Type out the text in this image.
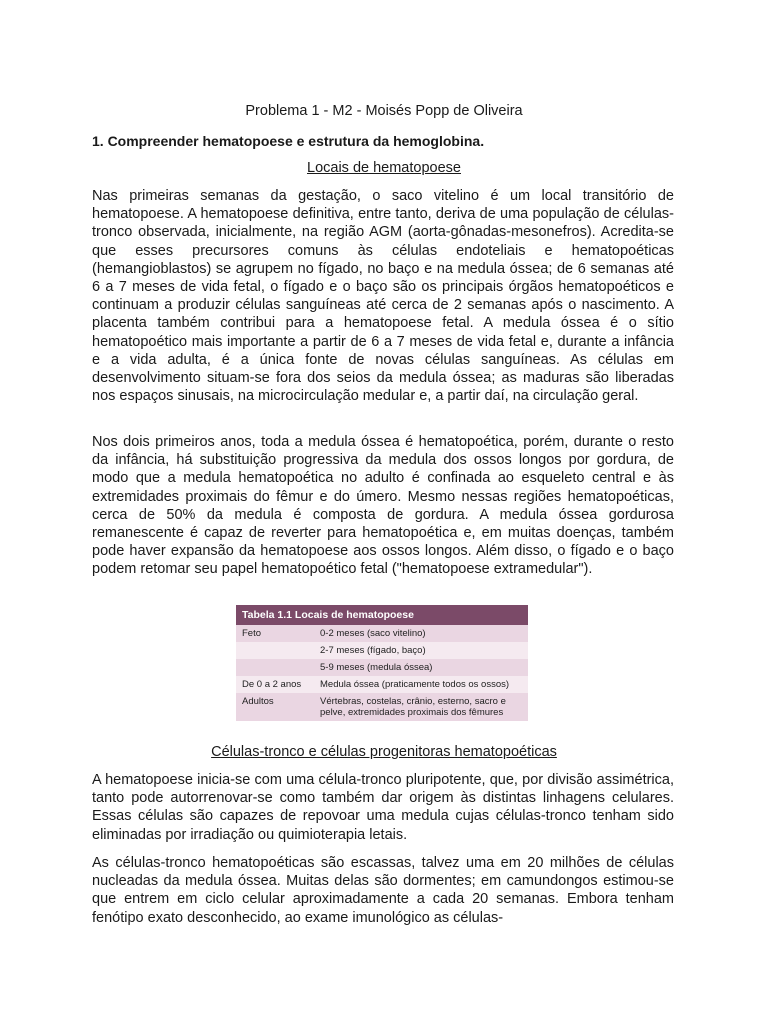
Problema 1 - M2 - Moisés Popp de Oliveira
1. Compreender hematopoese e estrutura da hemoglobina.
Locais de hematopoese

Nas primeiras semanas da gestação, o saco vitelino é um local transitório de hematopoese. A hematopoese definitiva, entre tanto, deriva de uma população de células-tronco observada, inicialmente, na região AGM (aorta-gônadas-mesonefros). Acredita-se que esses precursores comuns às células endoteliais e hematopoéticas (hemangioblastos) se agrupem no fígado, no baço e na medula óssea; de 6 semanas até 6 a 7 meses de vida fetal, o fígado e o baço são os principais órgãos hematopoéticos e continuam a produzir células sanguíneas até cerca de 2 semanas após o nascimento. A placenta também contribui para a hematopoese fetal. A medula óssea é o sítio hematopoético mais importante a partir de 6 a 7 meses de vida fetal e, durante a infância e a vida adulta, é a única fonte de novas células sanguíneas. As células em desenvolvimento situam-se fora dos seios da medula óssea; as maduras são liberadas nos espaços sinusais, na microcirculação medular e, a partir daí, na circulação geral.

Nos dois primeiros anos, toda a medula óssea é hematopoética, porém, durante o resto da infância, há substituição progressiva da medula dos ossos longos por gordura, de modo que a medula hematopoética no adulto é confinada ao esqueleto central e às extremidades proximais do fêmur e do úmero. Mesmo nessas regiões hematopoéticas, cerca de 50% da medula é composta de gordura. A medula óssea gordurosa remanescente é capaz de reverter para hematopoética e, em muitas doenças, também pode haver expansão da hematopoese aos ossos longos. Além disso, o fígado e o baço podem retomar seu papel hematopoético fetal ("hematopoese extramedular").

Tabela 1.1 Locais de hematopoese	
Feto	0-2 meses (saco vitelino)
	2-7 meses (fígado, baço)
	5-9 meses (medula óssea)
De 0 a 2 anos	Medula óssea (praticamente todos os ossos)
Adultos	Vértebras, costelas, crânio, esterno, sacro e pelve, extremidades proximais dos fêmures
Células-tronco e células progenitoras hematopoéticas

A hematopoese inicia-se com uma célula-tronco pluripotente, que, por divisão assimétrica, tanto pode autorrenovar-se como também dar origem às distintas linhagens celulares. Essas células são capazes de repovoar uma medula cujas células-tronco tenham sido eliminadas por irradiação ou quimioterapia letais.

As células-tronco hematopoéticas são escassas, talvez uma em 20 milhões de células nucleadas da medula óssea. Muitas delas são dormentes; em camundongos estimou-se que entrem em ciclo celular aproximadamente a cada 20 semanas. Embora tenham fenótipo exato desconhecido, ao exame imunológico as células-
